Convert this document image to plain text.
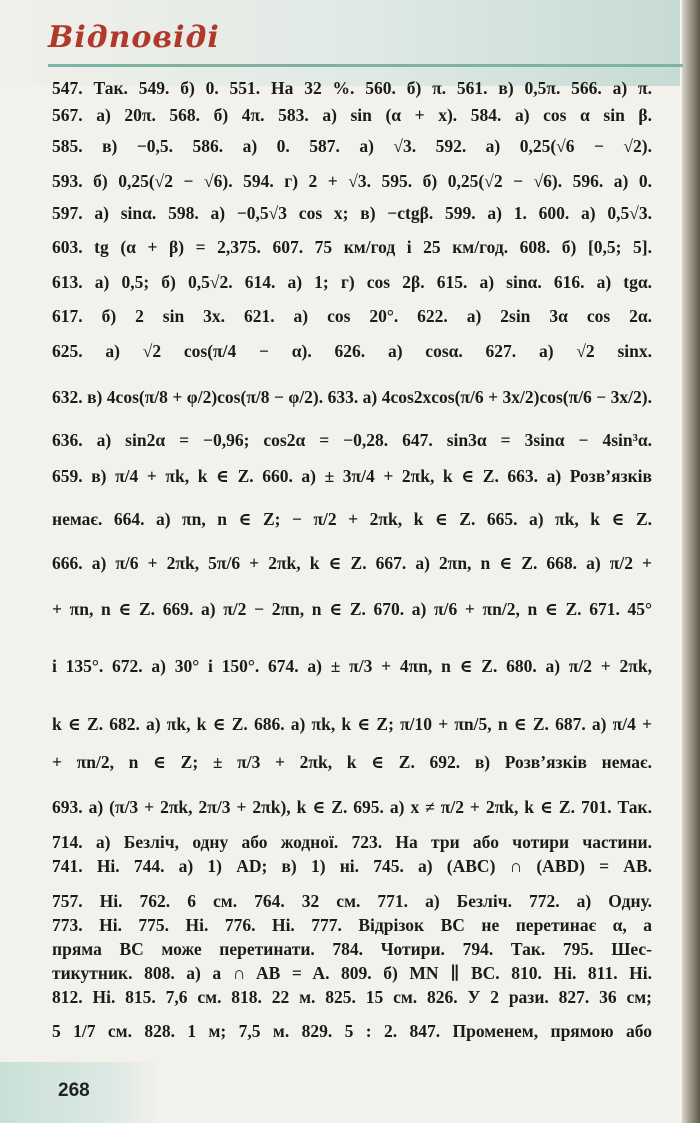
Відповіді
547. Так. 549. б) 0. 551. На 32 %. 560. б) π. 561. в) 0,5π. 566. а) π.
567. а) 20π. 568. б) 4π. 583. а) sin (α + x). 584. а) cos α sin β.
585. в) −0,5. 586. а) 0. 587. а) √3. 592. а) 0,25(√6 − √2).
593. б) 0,25(√2 − √6). 594. г) 2 + √3. 595. б) 0,25(√2 − √6). 596. а) 0.
597. а) sinα. 598. а) −0,5√3 cos x; в) −ctgβ. 599. а) 1. 600. а) 0,5√3.
603. tg (α + β) = 2,375. 607. 75 км/год і 25 км/год. 608. б) [0,5; 5].
613. а) 0,5; б) 0,5√2. 614. а) 1; г) cos 2β. 615. а) sinα. 616. а) tgα.
617. б) 2 sin 3x. 621. а) cos 20°. 622. а) 2sin 3α cos 2α.
625. а) √2 cos(π/4 − α). 626. а) cosα. 627. а) √2 sinx.
632. в) 4cos(π/8 + φ/2)cos(π/8 − φ/2). 633. а) 4cos2xcos(π/6 + 3x/2)cos(π/6 − 3x/2).
636. а) sin2α = −0,96; cos2α = −0,28. 647. sin3α = 3sinα − 4sin³α.
659. в) π/4 + πk, k ∈ Z. 660. а) ± 3π/4 + 2πk, k ∈ Z. 663. а) Розв’язків
немає. 664. а) πn, n ∈ Z; − π/2 + 2πk, k ∈ Z. 665. а) πk, k ∈ Z.
666. а) π/6 + 2πk, 5π/6 + 2πk, k ∈ Z. 667. а) 2πn, n ∈ Z. 668. а) π/2 +
+ πn, n ∈ Z. 669. а) π/2 − 2πn, n ∈ Z. 670. а) π/6 + πn/2, n ∈ Z. 671. 45°
і 135°. 672. а) 30° і 150°. 674. а) ± π/3 + 4πn, n ∈ Z. 680. а) π/2 + 2πk,
k ∈ Z. 682. а) πk, k ∈ Z. 686. а) πk, k ∈ Z; π/10 + πn/5, n ∈ Z. 687. а) π/4 +
+ πn/2, n ∈ Z; ± π/3 + 2πk, k ∈ Z. 692. в) Розв’язків немає.
693. а) (π/3 + 2πk, 2π/3 + 2πk), k ∈ Z. 695. а) x ≠ π/2 + 2πk, k ∈ Z. 701. Так.
714. а) Безліч, одну або жодної. 723. На три або чотири частини.
741. Ні. 744. а) 1) AD; в) 1) ні. 745. а) (ABC) ∩ (ABD) = AB.
757. Ні. 762. 6 см. 764. 32 см. 771. а) Безліч. 772. а) Одну.
773. Ні. 775. Ні. 776. Ні. 777. Відрізок BC не перетинає α, а
пряма BC може перетинати. 784. Чотири. 794. Так. 795. Шес-
тикутник. 808. а) a ∩ AB = A. 809. б) MN ∥ BC. 810. Ні. 811. Ні.
812. Ні. 815. 7,6 см. 818. 22 м. 825. 15 см. 826. У 2 рази. 827. 36 см;
5 1/7 см. 828. 1 м; 7,5 м. 829. 5 : 2. 847. Променем, прямою або
268
